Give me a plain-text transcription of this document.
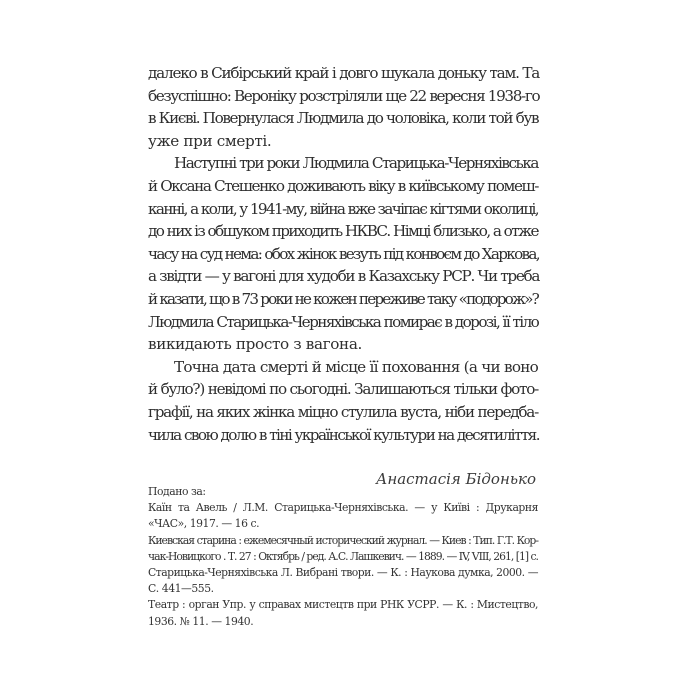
далеко в Сибірський край і довго шукала доньку там. Та
безуспішно: Вероніку розстріляли ще 22 вересня 1938-го
в Києві. Повернулася Людмила до чоловіка, коли той був
уже при смерті.

Наступні три роки Людмила Старицька-Черняхівська
й Оксана Стешенко доживають віку в київському помеш-
канні, а коли, у 1941-му, війна вже зачіпає кігтями околиці,
до них із обшуком приходить НКВС. Німці близько, а отже
часу на суд нема: обох жінок везуть під конвоєм до Харкова,
а звідти — у вагоні для худоби в Казахську РСР. Чи треба
й казати, що в 73 роки не кожен переживе таку «подорож»?
Людмила Старицька-Черняхівська помирає в дорозі, її тіло
викидають просто з вагона.

Точна дата смерті й місце її поховання (а чи воно
й було?) невідомі по сьогодні. Залишаються тільки фото-
графії, на яких жінка міцно стулила вуста, ніби передба-
чила свою долю в тіні української культури на десятиліття.

Анастасія Бідонько
Подано за:
Каїн та Авель / Л.М. Старицька-Черняхівська. — у Київі : Друкарня
«ЧАС», 1917. — 16 с.
Киевская старина : ежемесячный исторический журнал. — Киев : Тип. Г.Т. Кор-
чак-Новицкого . Т. 27 : Октябрь / ред. А.С. Лашкевич. — 1889. — IV, VIII, 261, [1] с.
Старицька-Черняхівська Л. Вибрані твори. — К. : Наукова думка, 2000. —
С. 441—555.
Театр : орган Упр. у справах мистецтв при РНК УСРР. — К. : Мистецтво,
1936. № 11. — 1940.
